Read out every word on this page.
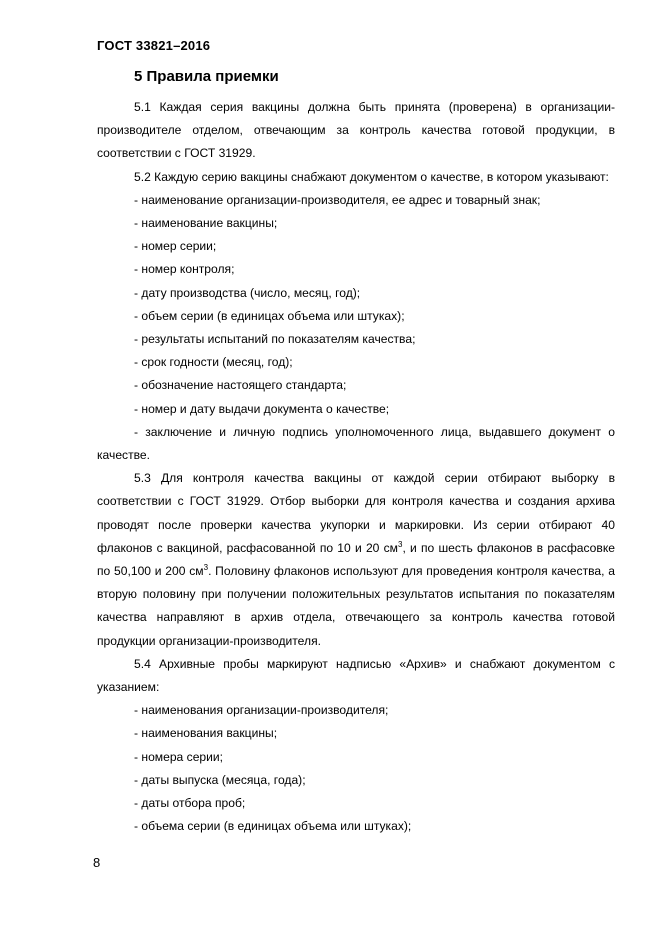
ГОСТ 33821–2016
5 Правила приемки

5.1 Каждая серия вакцины должна быть принята (проверена) в организации-производителе отделом, отвечающим за контроль качества готовой продукции, в соответствии с ГОСТ 31929.

5.2 Каждую серию вакцины снабжают документом о качестве, в котором указывают:

- наименование организации-производителя, ее адрес и товарный знак;

- наименование вакцины;

- номер серии;

- номер контроля;

- дату производства (число, месяц, год);

- объем серии (в единицах объема или штуках);

- результаты испытаний по показателям качества;

- срок годности (месяц, год);

- обозначение настоящего стандарта;

- номер и дату выдачи документа о качестве;

- заключение и личную подпись уполномоченного лица, выдавшего документ о качестве.

5.3 Для контроля качества вакцины от каждой серии отбирают выборку в соответствии с ГОСТ 31929. Отбор выборки для контроля качества и создания архива проводят после проверки качества укупорки и маркировки. Из серии отбирают 40 флаконов с вакциной, расфасованной по 10 и 20 $см^3$, и по шесть флаконов в расфасовке по 50,100 и 200 $см^3$. Половину флаконов используют для проведения контроля качества, а вторую половину при получении положительных результатов испытания по показателям качества направляют в архив отдела, отвечающего за контроль качества готовой продукции организации-производителя.

5.4 Архивные пробы маркируют надписью «Архив» и снабжают документом с указанием:

- наименования организации-производителя;

- наименования вакцины;

- номера серии;

- даты выпуска (месяца, года);

- даты отбора проб;

- объема серии (в единицах объема или штуках);

8
